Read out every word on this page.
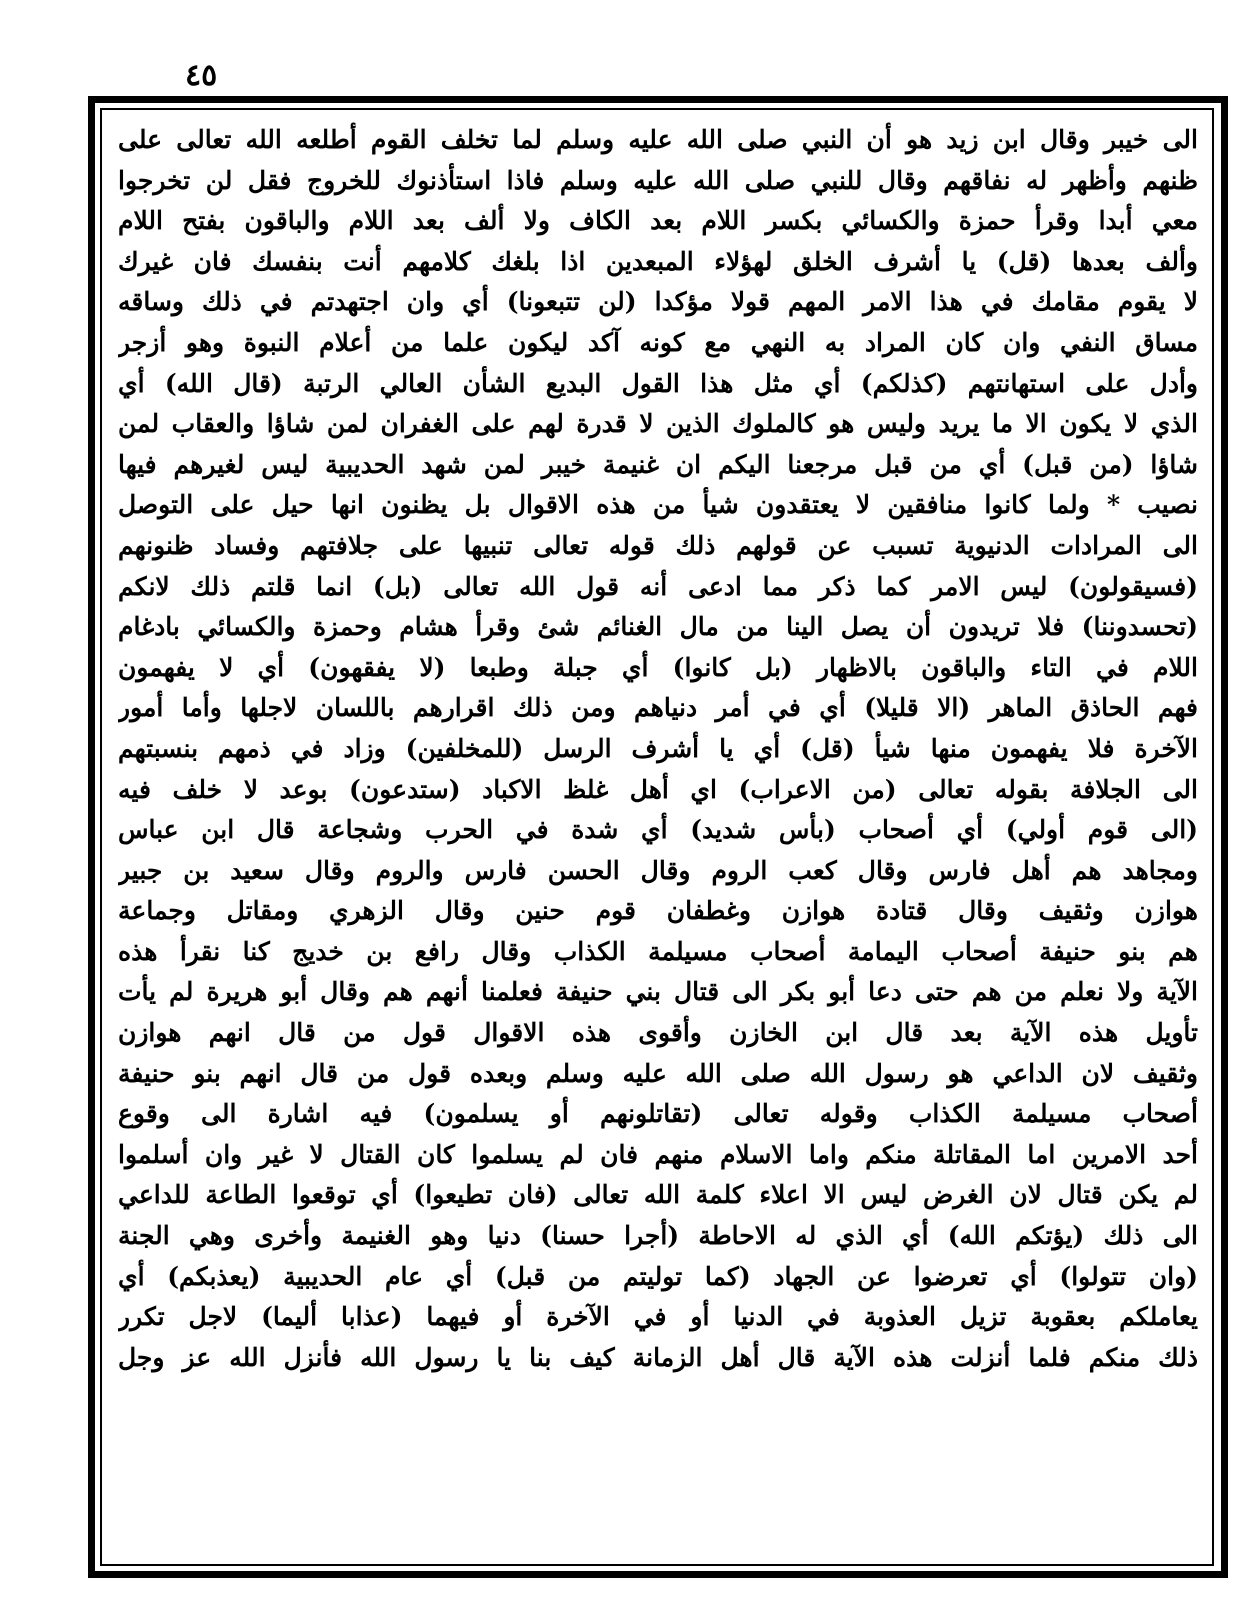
٤٥
الى خيبر وقال ابن زيد هو أن النبي صلى الله عليه وسلم لما تخلف القوم أطلعه الله تعالى على
ظنهم وأظهر له نفاقهم وقال للنبي صلى الله عليه وسلم فاذا استأذنوك للخروج فقل لن تخرجوا
معي أبدا وقرأ حمزة والكسائي بكسر اللام بعد الكاف ولا ألف بعد اللام والباقون بفتح اللام
وألف بعدها (قل) يا أشرف الخلق لهؤلاء المبعدين اذا بلغك كلامهم أنت بنفسك فان غيرك
لا يقوم مقامك في هذا الامر المهم قولا مؤكدا (لن تتبعونا) أي وان اجتهدتم في ذلك وساقه
مساق النفي وان كان المراد به النهي مع كونه آكد ليكون علما من أعلام النبوة وهو أزجر
وأدل على استهانتهم (كذلكم) أي مثل هذا القول البديع الشأن العالي الرتبة (قال الله) أي
الذي لا يكون الا ما يريد وليس هو كالملوك الذين لا قدرة لهم على الغفران لمن شاؤا والعقاب لمن
شاؤا (من قبل) أي من قبل مرجعنا اليكم ان غنيمة خيبر لمن شهد الحديبية ليس لغيرهم فيها
نصيب * ولما كانوا منافقين لا يعتقدون شيأ من هذه الاقوال بل يظنون انها حيل على التوصل
الى المرادات الدنيوية تسبب عن قولهم ذلك قوله تعالى تنبيها على جلافتهم وفساد ظنونهم
(فسيقولون) ليس الامر كما ذكر مما ادعى أنه قول الله تعالى (بل) انما قلتم ذلك لانكم
(تحسدوننا) فلا تريدون أن يصل الينا من مال الغنائم شئ وقرأ هشام وحمزة والكسائي بادغام
اللام في التاء والباقون بالاظهار (بل كانوا) أي جبلة وطبعا (لا يفقهون) أي لا يفهمون
فهم الحاذق الماهر (الا قليلا) أي في أمر دنياهم ومن ذلك اقرارهم باللسان لاجلها وأما أمور
الآخرة فلا يفهمون منها شيأ (قل) أي يا أشرف الرسل (للمخلفين) وزاد في ذمهم بنسبتهم
الى الجلافة بقوله تعالى (من الاعراب) اي أهل غلظ الاكباد (ستدعون) بوعد لا خلف فيه
(الى قوم أولي) أي أصحاب (بأس شديد) أي شدة في الحرب وشجاعة قال ابن عباس
ومجاهد هم أهل فارس وقال كعب الروم وقال الحسن فارس والروم وقال سعيد بن جبير
هوازن وثقيف وقال قتادة هوازن وغطفان قوم حنين وقال الزهري ومقاتل وجماعة
هم بنو حنيفة أصحاب اليمامة أصحاب مسيلمة الكذاب وقال رافع بن خديج كنا نقرأ هذه
الآية ولا نعلم من هم حتى دعا أبو بكر الى قتال بني حنيفة فعلمنا أنهم هم وقال أبو هريرة لم يأت
تأويل هذه الآية بعد قال ابن الخازن وأقوى هذه الاقوال قول من قال انهم هوازن
وثقيف لان الداعي هو رسول الله صلى الله عليه وسلم وبعده قول من قال انهم بنو حنيفة
أصحاب مسيلمة الكذاب وقوله تعالى (تقاتلونهم أو يسلمون) فيه اشارة الى وقوع
أحد الامرين اما المقاتلة منكم واما الاسلام منهم فان لم يسلموا كان القتال لا غير وان أسلموا
لم يكن قتال لان الغرض ليس الا اعلاء كلمة الله تعالى (فان تطيعوا) أي توقعوا الطاعة للداعي
الى ذلك (يؤتكم الله) أي الذي له الاحاطة (أجرا حسنا) دنيا وهو الغنيمة وأخرى وهي الجنة
(وان تتولوا) أي تعرضوا عن الجهاد (كما توليتم من قبل) أي عام الحديبية (يعذبكم) أي
يعاملكم بعقوبة تزيل العذوبة في الدنيا أو في الآخرة أو فيهما (عذابا أليما) لاجل تكرر
ذلك منكم فلما أنزلت هذه الآية قال أهل الزمانة كيف بنا يا رسول الله فأنزل الله عز وجل
